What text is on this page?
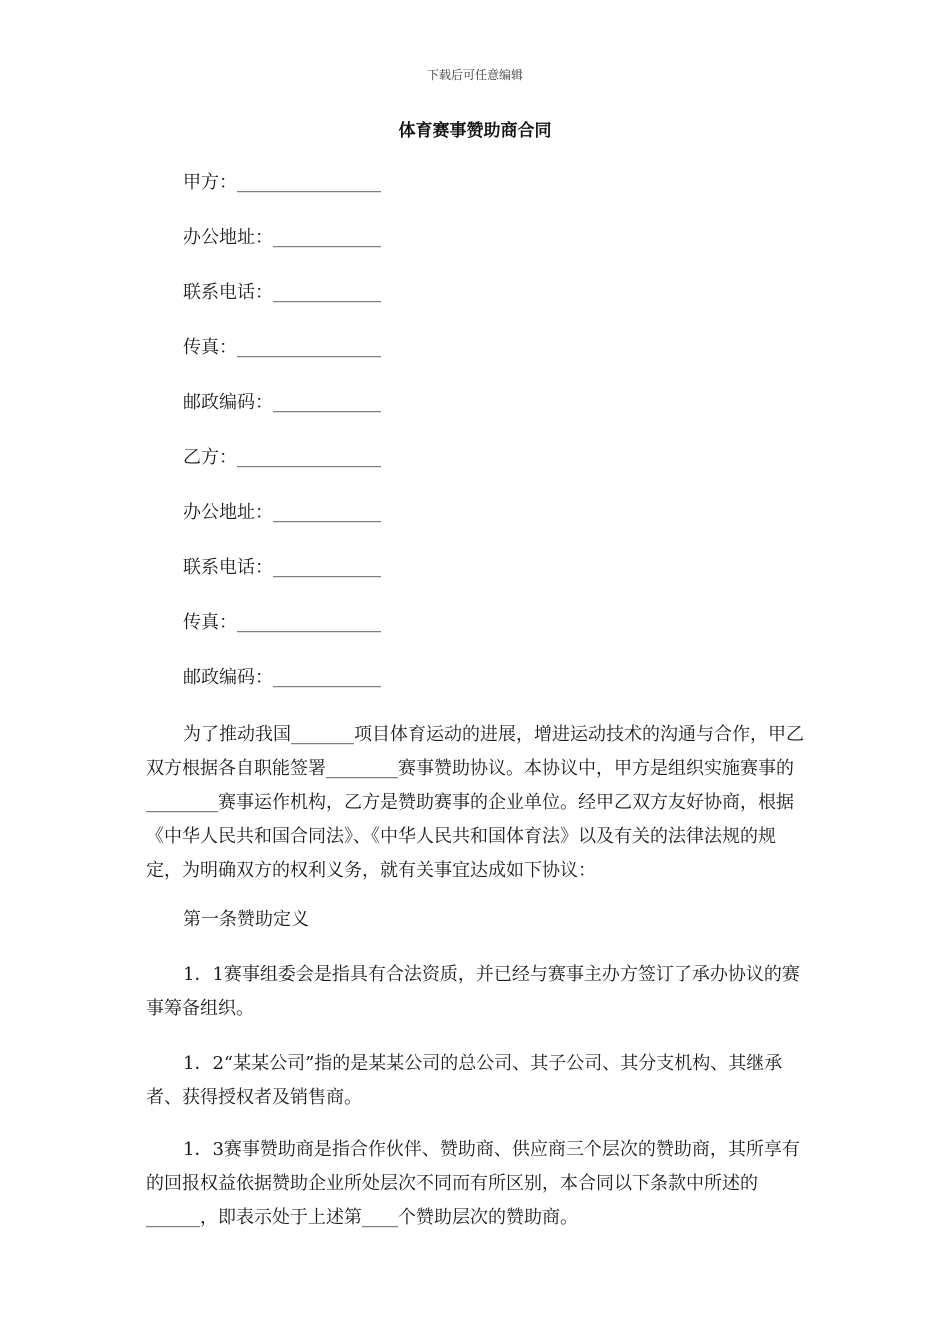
下载后可任意编辑
体育赛事赞助商合同
甲方：________________
办公地址：____________
联系电话：____________
传真：________________
邮政编码：____________
乙方：________________
办公地址：____________
联系电话：____________
传真：________________
邮政编码：____________

为了推动我国_______项目体育运动的进展，增进运动技术的沟通与合作，甲乙双方根据各自职能签署________赛事赞助协议。本协议中，甲方是组织实施赛事的________赛事运作机构，乙方是赞助赛事的企业单位。经甲乙双方友好协商，根据《中华人民共和国合同法》、《中华人民共和国体育法》以及有关的法律法规的规定，为明确双方的权利义务，就有关事宜达成如下协议：

第一条赞助定义

1．1赛事组委会是指具有合法资质，并已经与赛事主办方签订了承办协议的赛事筹备组织。

1．2“某某公司”指的是某某公司的总公司、其子公司、其分支机构、其继承者、获得授权者及销售商。

1．3赛事赞助商是指合作伙伴、赞助商、供应商三个层次的赞助商，其所享有的回报权益依据赞助企业所处层次不同而有所区别，本合同以下条款中所述的______，即表示处于上述第____个赞助层次的赞助商。
